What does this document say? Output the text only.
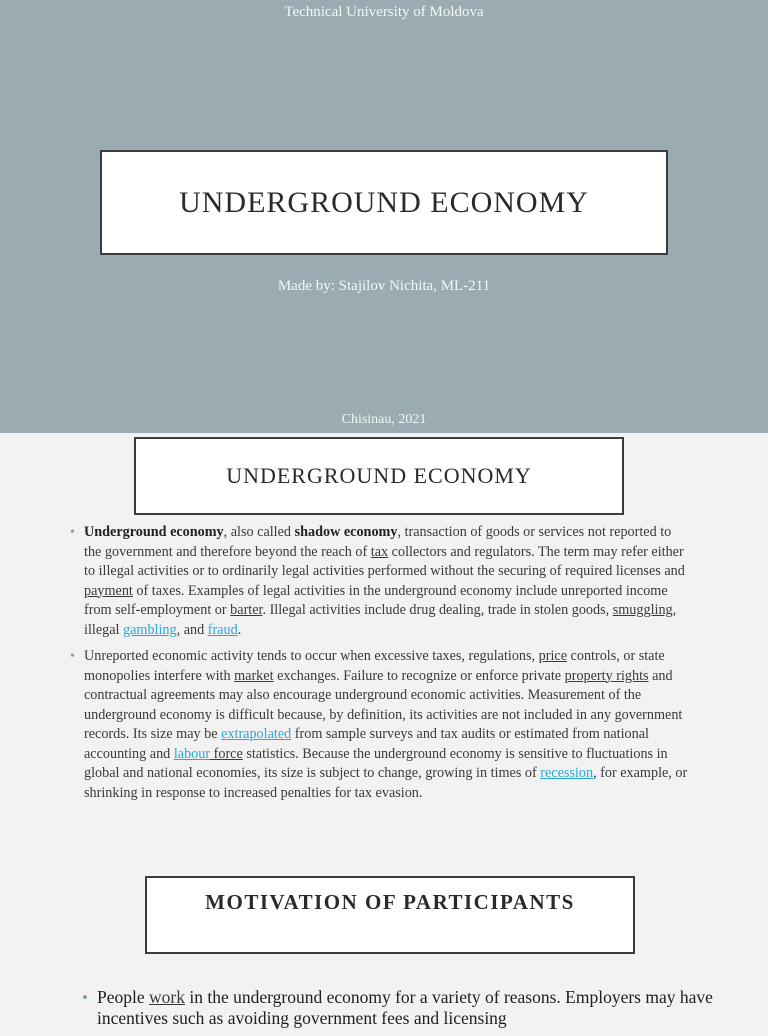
Technical University of Moldova
UNDERGROUND ECONOMY
Made by: Stajilov Nichita, ML-211
Chisinau, 2021
UNDERGROUND ECONOMY
• Underground economy, also called shadow economy, transaction of goods or services not reported to the government and therefore beyond the reach of tax collectors and regulators. The term may refer either to illegal activities or to ordinarily legal activities performed without the securing of required licenses and payment of taxes. Examples of legal activities in the underground economy include unreported income from self-employment or barter. Illegal activities include drug dealing, trade in stolen goods, smuggling, illegal gambling, and fraud.
• Unreported economic activity tends to occur when excessive taxes, regulations, price controls, or state monopolies interfere with market exchanges. Failure to recognize or enforce private property rights and contractual agreements may also encourage underground economic activities. Measurement of the underground economy is difficult because, by definition, its activities are not included in any government records. Its size may be extrapolated from sample surveys and tax audits or estimated from national accounting and labour force statistics. Because the underground economy is sensitive to fluctuations in global and national economies, its size is subject to change, growing in times of recession, for example, or shrinking in response to increased penalties for tax evasion.
MOTIVATION OF PARTICIPANTS
• People work in the underground economy for a variety of reasons. Employers may have incentives such as avoiding government fees and licensing
